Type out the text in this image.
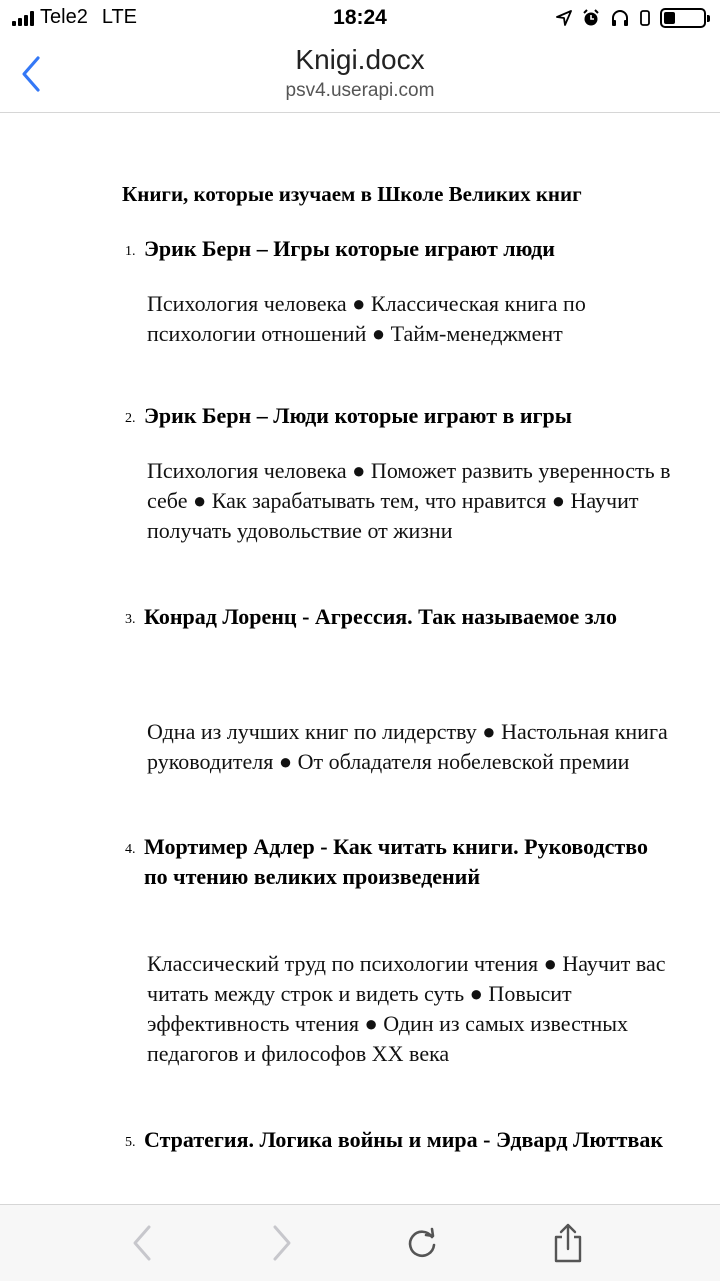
Tele2 LTE	18:24
Knigi.docx
psv4.userapi.com
Книги, которые изучаем в Школе Великих книг
1. Эрик Берн – Игры которые играют люди
Психология человека ● Классическая книга по психологии отношений ● Тайм-менеджмент
2. Эрик Берн – Люди которые играют в игры
Психология человека ● Поможет развить уверенность в себе ● Как зарабатывать тем, что нравится ● Научит получать удовольствие от жизни
3. Конрад Лоренц - Агрессия. Так называемое зло
Одна из лучших книг по лидерству ● Настольная книга руководителя ● От обладателя нобелевской премии
4. Мортимер Адлер - Как читать книги. Руководство по чтению великих произведений
Классический труд по психологии чтения ● Научит вас читать между строк и видеть суть ● Повысит эффективность чтения ● Один из самых известных педагогов и философов XX века
5. Стратегия. Логика войны и мира - Эдвард Люттвак
